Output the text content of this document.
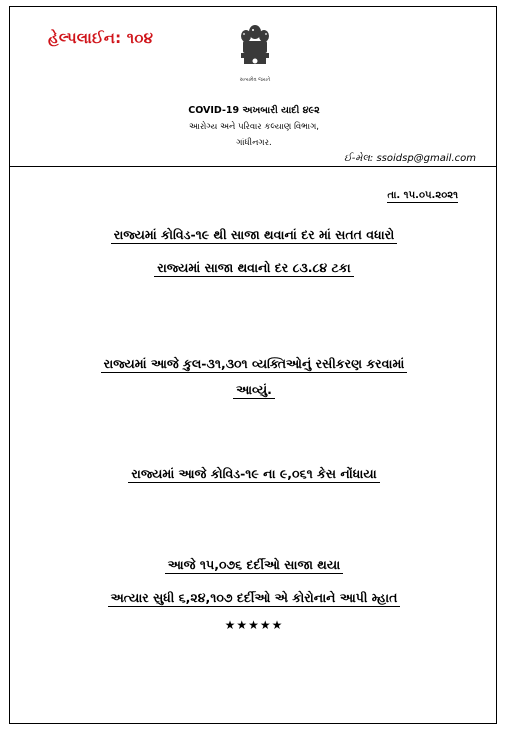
હેલ્પલાઈન: ૧૦૪
સત્યમેવ જયતે
COVID-19 અખબારી યાદી ૪૯૨
આરોગ્ય અને પરિવાર કલ્યાણ વિભાગ,
ગાંધીનગર.
ઈ-મેલ: ssoidsp@gmail.com
તા. ૧૫.૦૫.૨૦૨૧
રાજ્યમાં કોવિડ-૧૯ થી સાજા થવાનાં દર માં સતત વધારો
રાજ્યમાં સાજા થવાનો દર ૮૩.૮૪ ટકા
રાજ્યમાં આજે કુલ-૩૧,૩૦૧ વ્યક્તિઓનું રસીકરણ કરવામાં
આવ્યું.
રાજ્યમાં આજે કોવિડ-૧૯ ના ૯,૦૬૧ કેસ નોંધાયા
આજે ૧૫,૦૭૬ દર્દીઓ સાજા થયા
અત્યાર સુધી ૬,૨૪,૧૦૭ દર્દીઓ એ કોરોનાને આપી મ્હાત
★★★★★
